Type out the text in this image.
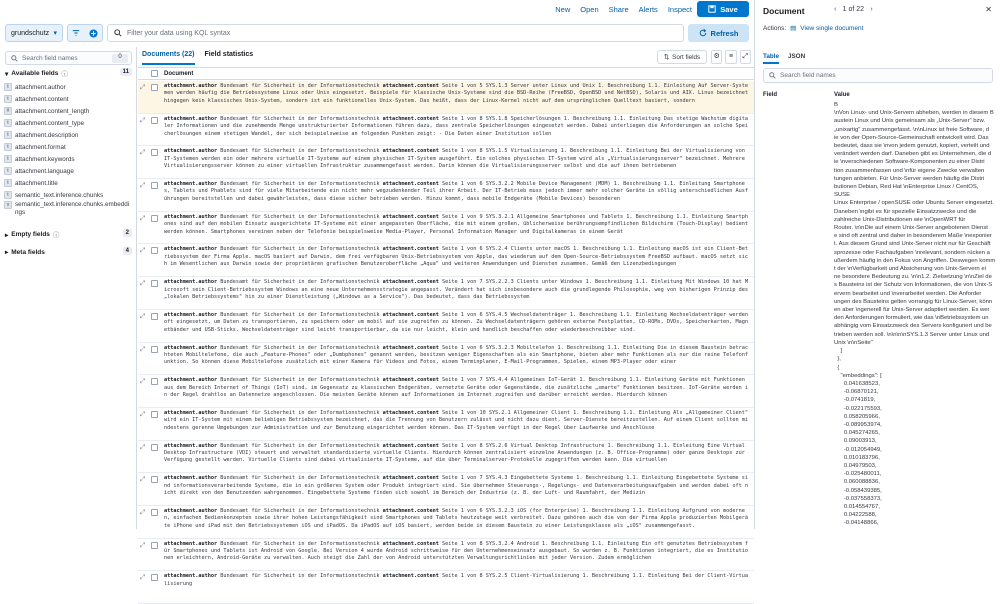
New Open Share Alerts Inspect	Save
grundschutz ▾	Filter your data using KQL syntax	Refresh
Search field names	0
▾ Available fields ⓘ	11
t	attachment.author
t	attachment.content
# attachment.content_length
t	attachment.content_type
t	attachment.description
t	attachment.format
t	attachment.keywords
t	attachment.language
t	attachment.title
t	semantic_text.inference.chunks
v semantic_text.inference.chunks.embeddings
▸ Empty fields ⓘ	2
▸ Meta fields	4
Documents (22) Field statistics	⇅ Sort fields	⚙	≡	⤢
Document
⤢	attachment.author Bundesamt für Sicherheit in der Informationstechnik attachment.content Seite 1 von 5 SYS.1.3 Server unter Linux und Unix 1. Beschreibung 1.1. Einleitung Auf Server-Systemen werden häufig die Betriebssysteme Linux oder Unix eingesetzt. Beispiele für klassische Unix-Systeme sind die BSD-Reihe (FreeBSD, OpenBSD und NetBSD), Solaris und AIX. Linux bezeichnet hingegen kein klassisches Unix-System, sondern ist ein funktionelles Unix-System. Das heißt, dass der Linux-Kernel nicht auf dem ursprünglichen Quelltext basiert, sondern
⤢	attachment.author Bundesamt für Sicherheit in der Informationstechnik attachment.content Seite 1 von 8 SYS.1.8 Speicherlösungen 1. Beschreibung 1.1. Einleitung Das stetige Wachstum digitaler Informationen und die zunehmende Menge unstrukturierter Informationen führen dazu, dass zentrale Speicherlösungen eingesetzt werden. Dabei unterliegen die Anforderungen an solche Speicherlösungen einem stetigen Wandel, der sich beispielsweise an folgenden Punkten zeigt: - Die Daten einer Institution sollen
⤢	attachment.author Bundesamt für Sicherheit in der Informationstechnik attachment.content Seite 1 von 8 SYS.1.5 Virtualisierung 1. Beschreibung 1.1. Einleitung Bei der Virtualisierung von IT-Systemen werden ein oder mehrere virtuelle IT-Systeme auf einem physischen IT-System ausgeführt. Ein solches physisches IT-System wird als „Virtualisierungsserver" bezeichnet. Mehrere Virtualisierungsserver können zu einer virtuellen Infrastruktur zusammengefasst werden. Darin können die Virtualisierungsserver selbst und die auf ihnen betriebenen
⤢	attachment.author Bundesamt für Sicherheit in der Informationstechnik attachment.content Seite 1 von 6 SYS.3.2.2 Mobile Device Management (MDM) 1. Beschreibung 1.1. Einleitung Smartphones, Tablets und Phablets sind für viele Mitarbeitende ein nicht mehr wegzudenkender Teil ihrer Arbeit. Der IT-Betrieb muss jedoch immer mehr solcher Geräte in völlig unterschiedlichen Ausführungen bereitstellen und dabei gewährleisten, dass diese sicher betrieben werden. Hinzu kommt, dass mobile Endgeräte (Mobile Devices) besonderen
⤢	attachment.author Bundesamt für Sicherheit in der Informationstechnik attachment.content Seite 1 von 9 SYS.3.2.1 Allgemeine Smartphones und Tablets 1. Beschreibung 1.1. Einleitung Smartphones sind auf den mobilen Einsatz ausgerichtete IT-Systeme mit einer angepassten Oberfläche, die mit einem großen, üblicherweise berührungsempfindlichen Bildschirm (Touch-Display) bedient werden können. Smartphones vereinen neben der Telefonie beispielsweise Media-Player, Personal Information Manager und Digitalkameras in einem Gerät
⤢	attachment.author Bundesamt für Sicherheit in der Informationstechnik attachment.content Seite 1 von 6 SYS.2.4 Clients unter macOS 1. Beschreibung 1.1. Einleitung macOS ist ein Client-Betriebssystem der Firma Apple. macOS basiert auf Darwin, dem frei verfügbaren Unix-Betriebssystem von Apple, das wiederum auf dem Open-Source-Betriebssystem FreeBSD aufbaut. macOS setzt sich im Wesentlichen aus Darwin sowie der proprietären grafischen Benutzeroberfläche „Aqua" und weiteren Anwendungen und Diensten zusammen. Gemäß den Lizenzbedingungen
⤢	attachment.author Bundesamt für Sicherheit in der Informationstechnik attachment.content Seite 1 von 7 SYS.2.2.3 Clients unter Windows 1. Beschreibung 1.1. Einleitung Mit Windows 10 hat Microsoft sein Client-Betriebssystem Windows an eine neue Unternehmensstrategie angepasst. Verändert hat sich insbesondere auch die grundlegende Philosophie, weg von bisherigen Prinzip des „lokalen Betriebssystems" hin zu einer Dienstleistung („Windows as a Service"). Das bedeutet, dass das Betriebssystem
⤢	attachment.author Bundesamt für Sicherheit in der Informationstechnik attachment.content Seite 1 von 6 SYS.4.5 Wechseldatenträger 1. Beschreibung 1.1. Einleitung Wechseldatenträger werden oft eingesetzt, um Daten zu transportieren, zu speichern oder um mobil auf sie zugreifen zu können. Zu Wechseldatenträgern gehören externe Festplatten, CD-ROMs, DVDs, Speicherkarten, Magnetbänder und USB-Sticks. Wechseldatenträger sind leicht transportierbar, da sie nur leicht, klein und handlich beschaffen oder wiederbeschreibbar sind.
⤢	attachment.author Bundesamt für Sicherheit in der Informationstechnik attachment.content Seite 1 von 6 SYS.3.2.3 Mobiltelefon 1. Beschreibung 1.1. Einleitung Die in diesem Baustein betrachteten Mobiltelefone, die auch „Feature-Phones" oder „Dumbphones" genannt werden, besitzen weniger Eigenschaften als ein Smartphone, bieten aber mehr Funktionen als nur die reine Telefonfunktion. So können diese Mobiltelefone zusätzlich mit einer Kamera für Videos und Fotos, einem Terminplaner, E-Mail-Programmen, Spielen, einem MP3-Player oder einer
⤢	attachment.author Bundesamt für Sicherheit in der Informationstechnik attachment.content Seite 1 von 7 SYS.4.4 Allgemeines IoT-Gerät 1. Beschreibung 1.1. Einleitung Geräte mit Funktionen aus dem Bereich Internet of Things (IoT) sind, im Gegensatz zu klassischen Endgeräten, vernetzte Geräte oder Gegenstände, die zusätzliche „smarte" Funktionen besitzen. IoT-Geräte werden in der Regel drahtlos an Datennetze angeschlossen. Die meisten Geräte können auf Informationen im Internet zugreifen und darüber erreicht werden. Hierdurch können
⤢	attachment.author Bundesamt für Sicherheit in der Informationstechnik attachment.content Seite 1 von 10 SYS.2.1 Allgemeiner Client 1. Beschreibung 1.1. Einleitung Als „Allgemeiner Client" wird ein IT-System mit einem beliebigen Betriebssystem bezeichnet, das die Trennung von Benutzern zulässt und nicht dazu dient, Server-Dienste bereitzustellen. Auf einem Client sollten mindestens gerenne Umgebungen zur Administration und zur Benutzung eingerichtet werden können. Das IT-System verfügt in der Regel über Laufwerke und Anschlüsse
⤢	attachment.author Bundesamt für Sicherheit in der Informationstechnik attachment.content Seite 1 von 8 SYS.2.6 Virtual Desktop Infrastructure 1. Beschreibung 1.1. Einleitung Eine Virtual Desktop Infrastructure (VDI) steuert und verwaltet standardisierte virtuelle Clients. Hierdurch können zentralisiert einzelne Anwendungen (z. B. Office-Programme) oder ganze Desktops zur Verfügung gestellt werden. Virtuelle Clients sind dabei virtualisierte IT-Systeme, auf die über Terminalserver-Protokolle zugegriffen werden kann. Die virtuellen
⤢	attachment.author Bundesamt für Sicherheit in der Informationstechnik attachment.content Seite 1 von 7 SYS.4.3 Eingebettete Systeme 1. Beschreibung 1.1. Einleitung Eingebettete Systeme sind informationsverarbeitende Systeme, die in ein größeres System oder Produkt integriert sind. Sie übernehmen Steuerungs-, Regelungs- und Datenverarbeitungsaufgaben und werden dabei oft nicht direkt von den Benutzenden wahrgenommen. Eingebettete Systeme finden sich sowohl im Bereich der Industrie (z. B. der Luft- und Raumfahrt, der Medizin
⤢	attachment.author Bundesamt für Sicherheit in der Informationstechnik attachment.content Seite 1 von 6 SYS.3.2.3 iOS (for Enterprise) 1. Beschreibung 1.1. Einleitung Aufgrund von modernen, einfachen Bedienkonzepten sowie ihrer hohen Leistungsfähigkeit sind Smartphones und Tablets heutzutage weit verbreitet. Dazu gehören auch die von der Firma Apple produzierten Mobilgeräte iPhone und iPad mit den Betriebssystemen iOS und iPadOS. Da iPadOS auf iOS basiert, werden beide in diesem Baustein zu einer Leistungsklasse als „iOS" zusammengefasst.
⤢	attachment.author Bundesamt für Sicherheit in der Informationstechnik attachment.content Seite 1 von 8 SYS.3.2.4 Android 1. Beschreibung 1.1. Einleitung Ein oft genutztes Betriebssystem für Smartphones und Tablets ist Android von Google. Bei Version 4 wurde Android schrittweise für den Unternehmenseinsatz ausgebaut. So wurden z. B. Funktionen integriert, die es Institutionen erleichtern, Android-Geräte zu verwalten. Auch steigt die Zahl der von Android unterstützten Verwaltungsrichtlinien mit jeder Version. Zudem ermöglichen
⤢	attachment.author Bundesamt für Sicherheit in der Informationstechnik attachment.content Seite 1 von 8 SYS.2.5 Client-Virtualisierung 1. Beschreibung 1.1. Einleitung Bei der Client-Virtualisierung
Document	‹ 1 of 22 ›	✕
Actions: ▤ View single document
Table JSON
Search field names
Field	Value
B
\nVon Linux- und Unix-Servern abheben, werden in diesem B
austein Linux und Unix gemeinsam als „Unix-Server" bzw.
„unixartig" zusammengefasst. \n\nLinux ist freie Software, d
ie von der Open-Source-Gemeinschaft entwickelt wird. Das
bedeutet, dass sie \nvon jedem genutzt, kopiert, verteilt und
verändert werden darf. Daneben gibt es Unternehmen, die d
ie \nverschiedenen Software-Komponenten zu einer Distri
tion zusammenfassen und \nfür eigene Zwecke verwalten
tungen anbieten. Für Unix-Server werden häufig die Distri
butionen Debian, Red Hat \nEnterprise Linux / CentOS, SUSE
Linux Enterprise / openSUSE oder Ubuntu Server eingesetzt.
Daneben \ngibt es für spezielle Einsatzzwecke und die
zahlreiche Unix-Distributionen wie \nOpenWRT für
Router. \n\nDie auf einem Unix-Server angebotenen Dienst
e sind oft zentral und daher in besonderem Maße \nexponier
t. Aus diesem Grund sind Unix-Server nicht nur für Geschäft
sprozesse oder Fachaufgaben \nrelevant, sondern rücken a
ußerdem häufig in den Fokus von Angriffen. Deswegen komm
t der \nVerfügbarkeit und Absicherung von Unix-Servern ei
ne besondere Bedeutung zu. \n\n1.2. Zielsetzung \n\nZiel de
s Bausteins ist der Schutz von Informationen, die von Unix-S
ervern bearbeitet und \nverarbeitet werden. Die Anforder
ungen des Bausteins gelten vorrangig für Linux-Server, könn
en aber \ngenerell für Unix-Server adaptiert werden. Es wer
den Anforderungen formuliert, wie das \nBetriebssystem un
abhängig vom Einsatzzweck des Servers konfiguriert und be
trieben werden soll. \n\n\n\nSYS.1.3 Server unter Linux und
Unix \n\nSeite"
]
},
{
"embeddings": [
0.041638523,
-0.06870121,
-0.0741819,
-0.022175593,
0.058205966,
-0.089953974,
0.045274265,
0.09003913,
-0.012054949,
0.010183796,
0.04979503,
-0.025480011,
0.060088836,
-0.058439385,
-0.037558373,
0.014554767,
0.04222588,
-0.04148866,
